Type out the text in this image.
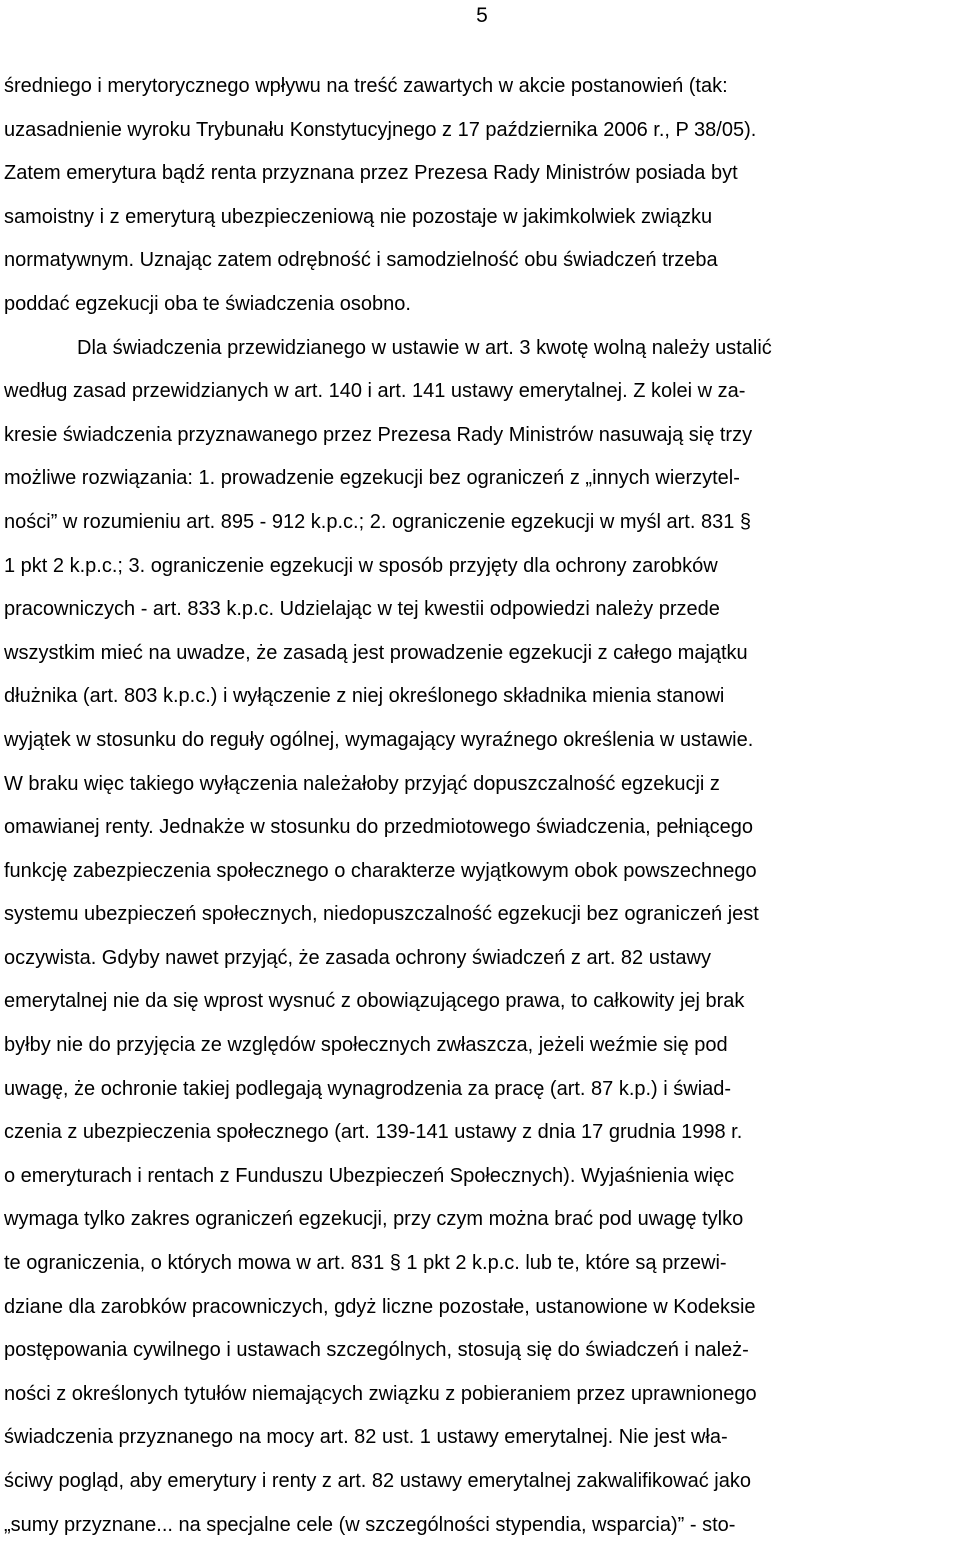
5
średniego i merytorycznego wpływu na treść zawartych w akcie postanowień (tak:
uzasadnienie wyroku Trybunału Konstytucyjnego z 17 października 2006 r., P 38/05).
Zatem emerytura bądź renta przyznana przez Prezesa Rady Ministrów posiada byt
samoistny i z emeryturą ubezpieczeniową nie pozostaje w jakimkolwiek związku
normatywnym. Uznając zatem odrębność i samodzielność obu świadczeń trzeba
poddać egzekucji oba te świadczenia osobno.
Dla świadczenia przewidzianego w ustawie w art. 3 kwotę wolną należy ustalić
według zasad przewidzianych w art. 140 i art. 141 ustawy emerytalnej. Z kolei w za-
kresie świadczenia przyznawanego przez Prezesa Rady Ministrów nasuwają się trzy
możliwe rozwiązania: 1. prowadzenie egzekucji bez ograniczeń z „innych wierzytel-
ności” w rozumieniu art. 895 - 912 k.p.c.; 2. ograniczenie egzekucji w myśl art. 831 §
1 pkt 2 k.p.c.; 3. ograniczenie egzekucji w sposób przyjęty dla ochrony zarobków
pracowniczych - art. 833 k.p.c. Udzielając w tej kwestii odpowiedzi należy przede
wszystkim mieć na uwadze, że zasadą jest prowadzenie egzekucji z całego majątku
dłużnika (art. 803 k.p.c.) i wyłączenie z niej określonego składnika mienia stanowi
wyjątek w stosunku do reguły ogólnej, wymagający wyraźnego określenia w ustawie.
W braku więc takiego wyłączenia należałoby przyjąć dopuszczalność egzekucji z
omawianej renty. Jednakże w stosunku do przedmiotowego świadczenia, pełniącego
funkcję zabezpieczenia społecznego o charakterze wyjątkowym obok powszechnego
systemu ubezpieczeń społecznych, niedopuszczalność egzekucji bez ograniczeń jest
oczywista. Gdyby nawet przyjąć, że zasada ochrony świadczeń z art. 82 ustawy
emerytalnej nie da się wprost wysnuć z obowiązującego prawa, to całkowity jej brak
byłby nie do przyjęcia ze względów społecznych zwłaszcza, jeżeli weźmie się pod
uwagę, że ochronie takiej podlegają wynagrodzenia za pracę (art. 87 k.p.) i świad-
czenia z ubezpieczenia społecznego (art. 139-141 ustawy z dnia 17 grudnia 1998 r.
o emeryturach i rentach z Funduszu Ubezpieczeń Społecznych). Wyjaśnienia więc
wymaga tylko zakres ograniczeń egzekucji, przy czym można brać pod uwagę tylko
te ograniczenia, o których mowa w art. 831 § 1 pkt 2 k.p.c. lub te, które są przewi-
dziane dla zarobków pracowniczych, gdyż liczne pozostałe, ustanowione w Kodeksie
postępowania cywilnego i ustawach szczególnych, stosują się do świadczeń i należ-
ności z określonych tytułów niemających związku z pobieraniem przez uprawnionego
świadczenia przyznanego na mocy art. 82 ust. 1 ustawy emerytalnej. Nie jest wła-
ściwy pogląd, aby emerytury i renty z art. 82 ustawy emerytalnej zakwalifikować jako
„sumy przyznane... na specjalne cele (w szczególności stypendia, wsparcia)” - sto-
